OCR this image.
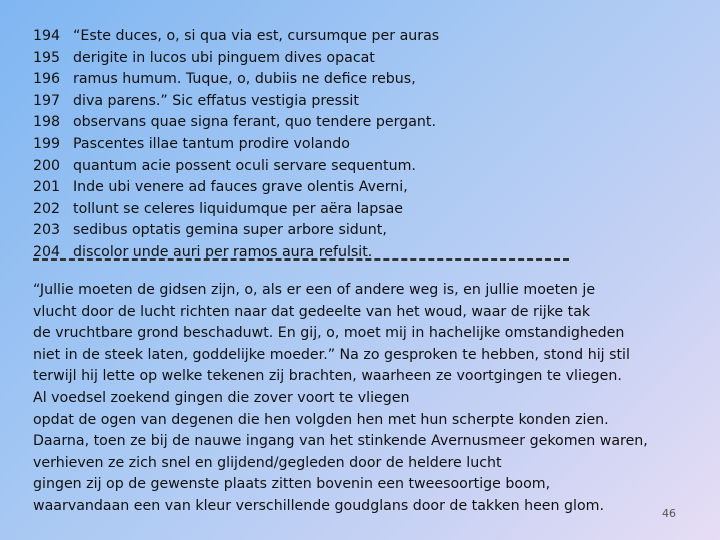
194 “Este duces, o, si qua via est, cursumque per auras
195 derigite in lucos ubi pinguem dives opacat
196 ramus humum. Tuque, o, dubiis ne defice rebus,
197 diva parens.” Sic effatus vestigia pressit
198 observans quae signa ferant, quo tendere pergant.
199 Pascentes illae tantum prodire volando
200 quantum acie possent oculi servare sequentum.
201 Inde ubi venere ad fauces grave olentis Averni,
202 tollunt se celeres liquidumque per aëra lapsae
203 sedibus optatis gemina super arbore sidunt,
204 discolor unde auri per ramos aura refulsit.
“Jullie moeten de gidsen zijn, o, als er een of andere weg is, en jullie moeten je
vlucht door de lucht richten naar dat gedeelte van het woud, waar de rijke tak
de vruchtbare grond beschaduwt. En gij, o, moet mij in hachelijke omstandigheden
niet in de steek laten, goddelijke moeder.” Na zo gesproken te hebben, stond hij stil
terwijl hij lette op welke tekenen zij brachten, waarheen ze voortgingen te vliegen.
Al voedsel zoekend gingen die zover voort te vliegen
opdat de ogen van degenen die hen volgden hen met hun scherpte konden zien.
Daarna, toen ze bij de nauwe ingang van het stinkende Avernusmeer gekomen waren,
verhieven ze zich snel en glijdend/gegleden door de heldere lucht
gingen zij op de gewenste plaats zitten bovenin een tweesoortige boom,
waarvandaan een van kleur verschillende goudglans door de takken heen glom.	46
